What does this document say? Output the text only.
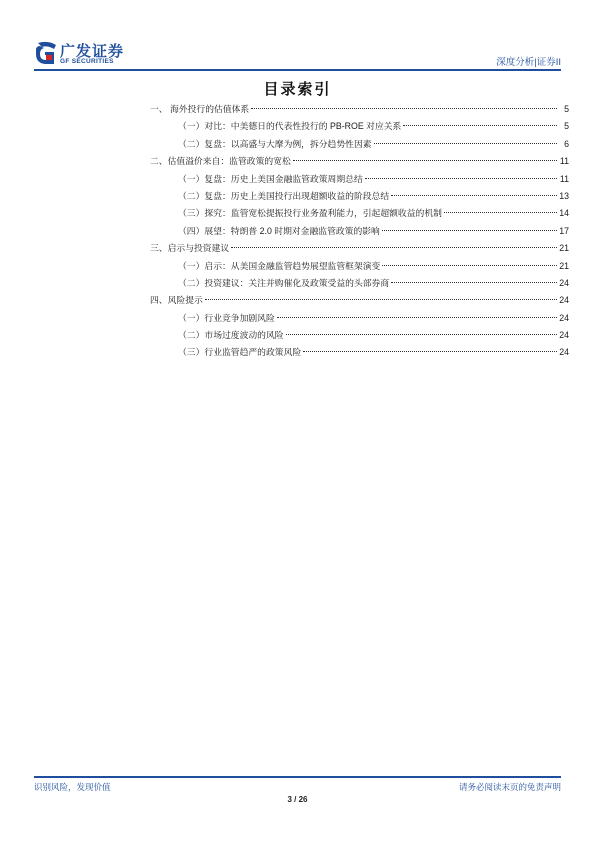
广发证券
GF SECURITIES	深度分析|证券II
目录索引
一、 海外投行的估值体系	5
（一）对比：中美德日的代表性投行的 PB-ROE 对应关系	5
（二）复盘：以高盛与大摩为例，拆分趋势性因素	6
二、估值溢价来自：监管政策的宽松	11
（一）复盘：历史上美国金融监管政策周期总结	11
（二）复盘：历史上美国投行出现超额收益的阶段总结	13
（三）探究：监管宽松提振投行业务盈利能力，引起超额收益的机制	14
（四）展望：特朗普 2.0 时期对金融监管政策的影响	17
三、启示与投资建议	21
（一）启示：从美国金融监管趋势展望监管框架演变	21
（二）投资建议：关注并购催化及政策受益的头部券商	24
四、风险提示	24
（一）行业竞争加剧风险	24
（二）市场过度波动的风险	24
（三）行业监管趋严的政策风险	24
识别风险，发现价值	请务必阅读末页的免责声明
3 / 26
